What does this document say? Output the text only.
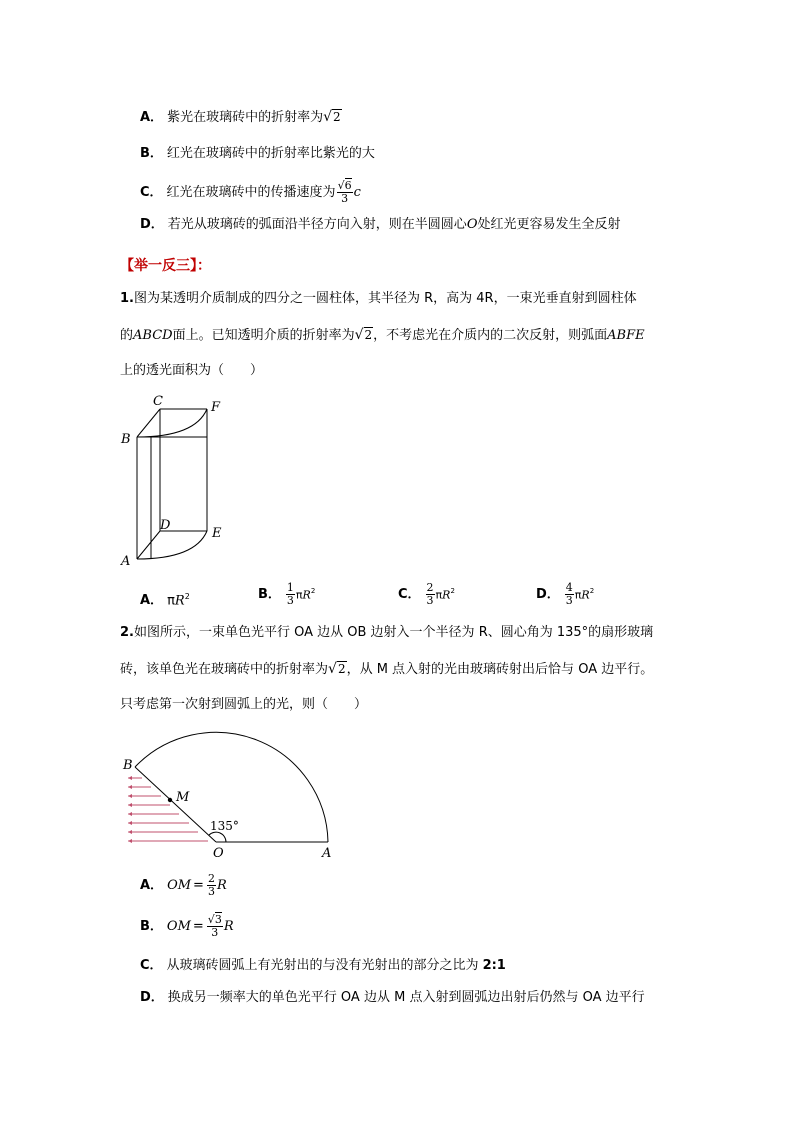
A． 紫光在玻璃砖中的折射率为√2
B． 红光在玻璃砖中的折射率比紫光的大
C． 红光在玻璃砖中的传播速度为 $\frac{√6}{3}$ c
D． 若光从玻璃砖的弧面沿半径方向入射，则在半圆圆心O处红光更容易发生全反射
【举一反三】：
1.图为某透明介质制成的四分之一圆柱体，其半径为 R，高为 4R，一束光垂直射到圆柱体
的ABCD面上。已知透明介质的折射率为√2，不考虑光在介质内的二次反射，则弧面ABFE
上的透光面积为（　　）
C	F
B
D
E
A
A． $\pi R^2$	B． $\frac{1}{3} \pi R^2$	C． $\frac{2}{3} \pi R^2$	D． $\frac{4}{3} \pi R^2$
2.如图所示，一束单色光平行 OA 边从 OB 边射入一个半径为 R、圆心角为 135°的扇形玻璃
砖，该单色光在玻璃砖中的折射率为√2，从 M 点入射的光由玻璃砖射出后恰与 OA 边平行。
只考虑第一次射到圆弧上的光，则（　　）
B
M
135°
O	A
A． OM = $\frac{2}{3}$ R
B． OM = $\frac{√3}{3}$ R
C． 从玻璃砖圆弧上有光射出的与没有光射出的部分之比为 2:1
D． 换成另一频率大的单色光平行 OA 边从 M 点入射到圆弧边出射后仍然与 OA 边平行
